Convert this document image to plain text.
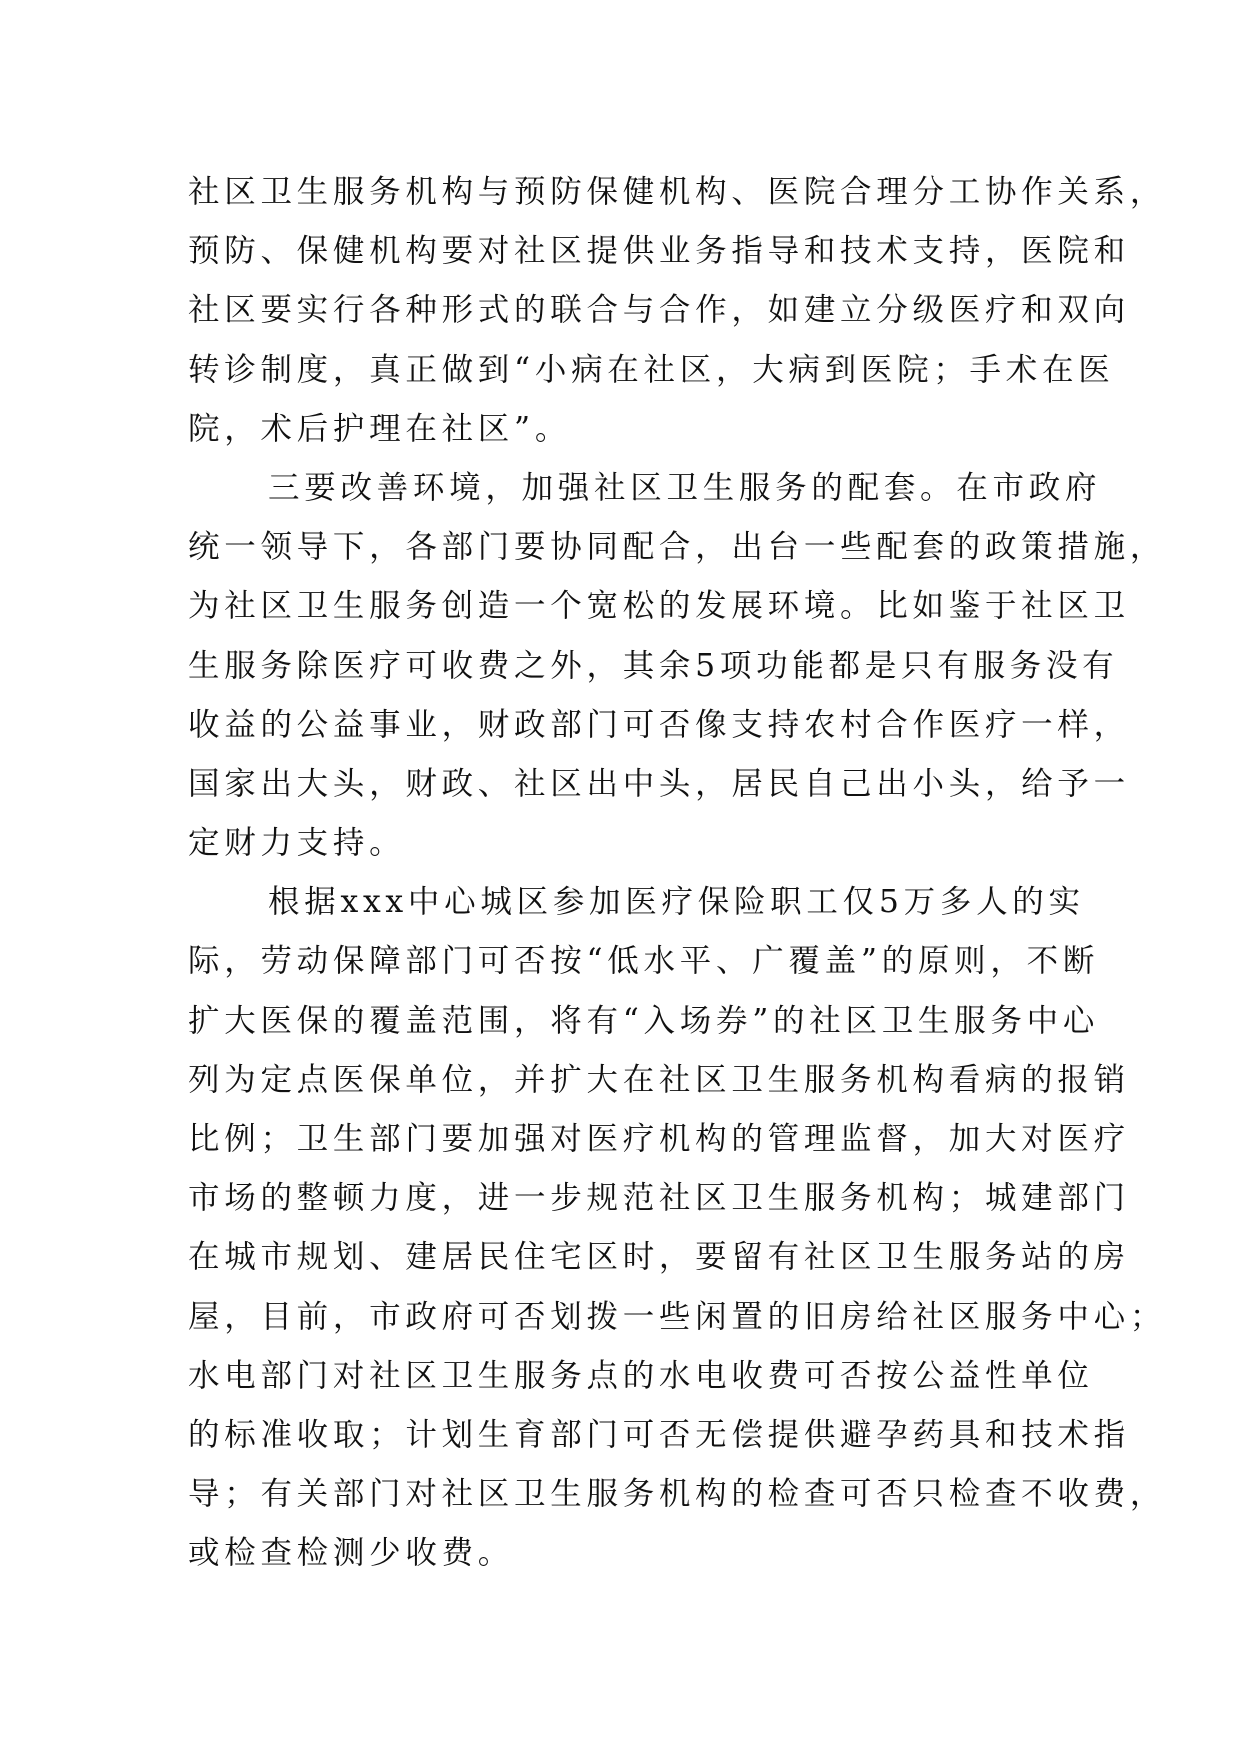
社区卫生服务机构与预防保健机构、医院合理分工协作关系，
预防、保健机构要对社区提供业务指导和技术支持，医院和
社区要实行各种形式的联合与合作，如建立分级医疗和双向
转诊制度，真正做到“小病在社区，大病到医院；手术在医
院，术后护理在社区”。
三要改善环境，加强社区卫生服务的配套。在市政府
统一领导下，各部门要协同配合，出台一些配套的政策措施，
为社区卫生服务创造一个宽松的发展环境。比如鉴于社区卫
生服务除医疗可收费之外，其余5项功能都是只有服务没有
收益的公益事业，财政部门可否像支持农村合作医疗一样，
国家出大头，财政、社区出中头，居民自己出小头，给予一
定财力支持。
根据xxx中心城区参加医疗保险职工仅5万多人的实
际，劳动保障部门可否按“低水平、广覆盖”的原则，不断
扩大医保的覆盖范围，将有“入场券”的社区卫生服务中心
列为定点医保单位，并扩大在社区卫生服务机构看病的报销
比例；卫生部门要加强对医疗机构的管理监督，加大对医疗
市场的整顿力度，进一步规范社区卫生服务机构；城建部门
在城市规划、建居民住宅区时，要留有社区卫生服务站的房
屋，目前，市政府可否划拨一些闲置的旧房给社区服务中心；
水电部门对社区卫生服务点的水电收费可否按公益性单位
的标准收取；计划生育部门可否无偿提供避孕药具和技术指
导；有关部门对社区卫生服务机构的检查可否只检查不收费，
或检查检测少收费。
